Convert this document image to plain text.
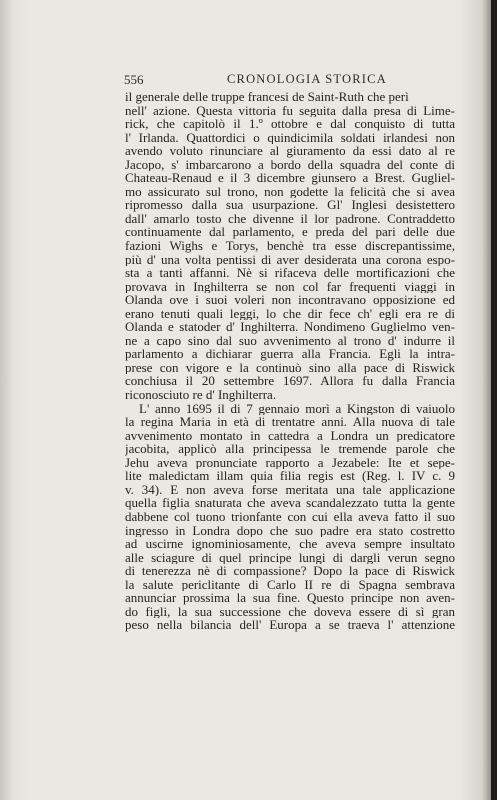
556	CRONOLOGIA STORICA
il generale delle truppe francesi de Saint-Ruth che perì
nell' azione. Questa vittoria fu seguita dalla presa di Lime-
rick, che capitolò il 1.º ottobre e dal conquisto di tutta
l' Irlanda. Quattordici o quindicimila soldati irlandesi non
avendo voluto rinunciare al giuramento da essi dato al re
Jacopo, s' imbarcarono a bordo della squadra del conte di
Chateau-Renaud e il 3 dicembre giunsero a Brest. Gugliel-
mo assicurato sul trono, non godette la felicità che si avea
ripromesso dalla sua usurpazione. Gl' Inglesi desistettero
dall' amarlo tosto che divenne il lor padrone. Contraddetto
continuamente dal parlamento, e preda del pari delle due
fazioni Wighs e Torys, benchè tra esse discrepantissime,
più d' una volta pentissi di aver desiderata una corona espo-
sta a tanti affanni. Nè si rifaceva delle mortificazioni che
provava in Inghilterra se non col far frequenti viaggi in
Olanda ove i suoi voleri non incontravano opposizione ed
erano tenuti quali leggi, lo che dir fece ch' egli era re di
Olanda e statoder d' Inghilterra. Nondimeno Guglielmo ven-
ne a capo sino dal suo avvenimento al trono d' indurre il
parlamento a dichiarar guerra alla Francia. Egli la intra-
prese con vigore e la continuò sino alla pace di Riswick
conchiusa il 20 settembre 1697. Allora fu dalla Francia
riconosciuto re d' Inghilterra.
L' anno 1695 il di 7 gennaio morì a Kingston di vaiuolo
la regina Maria in età di trentatre anni. Alla nuova di tale
avvenimento montato in cattedra a Londra un predicatore
jacobita, applicò alla principessa le tremende parole che
Jehu aveva pronunciate rapporto a Jezabele: Ite et sepe-
lite maledictam illam quia filia regis est (Reg. l. IV c. 9
v. 34). E non aveva forse meritata una tale applicazione
quella figlia snaturata che aveva scandalezzato tutta la gente
dabbene col tuono trionfante con cui ella aveva fatto il suo
ingresso in Londra dopo che suo padre era stato costretto
ad uscirne ignominiosamente, che aveva sempre insultato
alle sciagure di quel principe lungi di dargli verun segno
di tenerezza nè di compassione? Dopo la pace di Riswick
la salute periclitante di Carlo II re di Spagna sembrava
annunciar prossima la sua fine. Questo principe non aven-
do figli, la sua successione che doveva essere di sì gran
peso nella bilancia dell' Europa a se traeva l' attenzione
